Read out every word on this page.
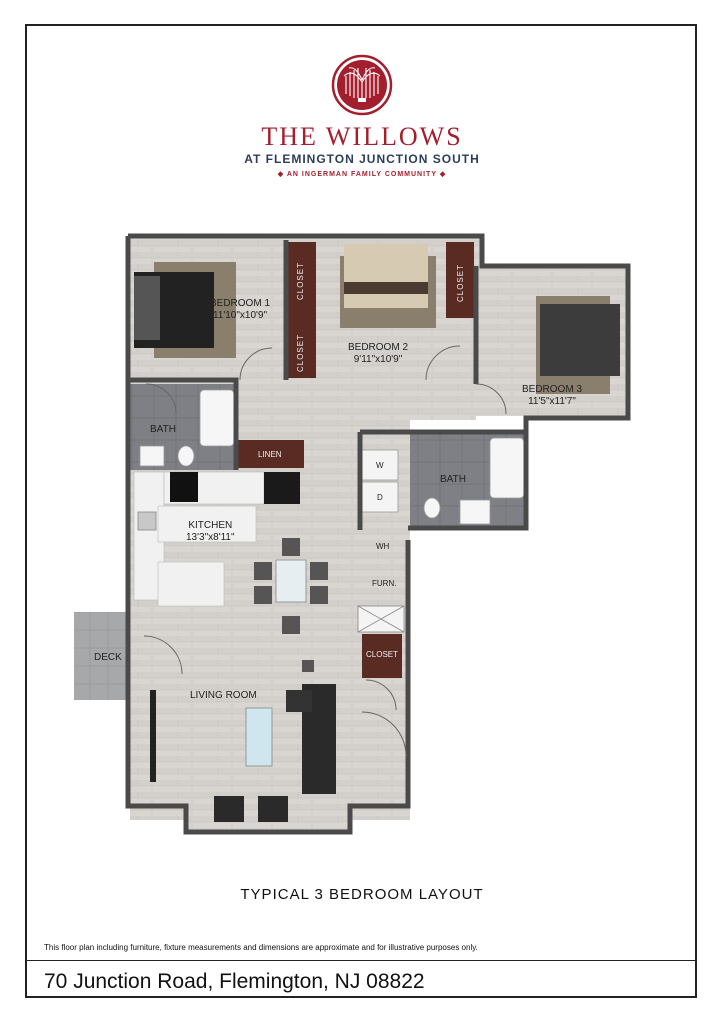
THE WILLOWS
AT FLEMINGTON JUNCTION SOUTH
◆ AN INGERMAN FAMILY COMMUNITY ◆
BEDROOM 1
11'10"x10'9"
BEDROOM 2
9'11"x10'9"
BEDROOM 3
11'5"x11'7"
BATH
BATH
KITCHEN
13'3"x8'11"
LIVING ROOM
DECK
LINEN
CLOSET
CLOSET
CLOSET
CLOSET
W
D
WH
FURN.
TYPICAL 3 BEDROOM LAYOUT
This floor plan including furniture, fixture measurements and dimensions are approximate and for illustrative purposes only.
70 Junction Road, Flemington, NJ 08822
